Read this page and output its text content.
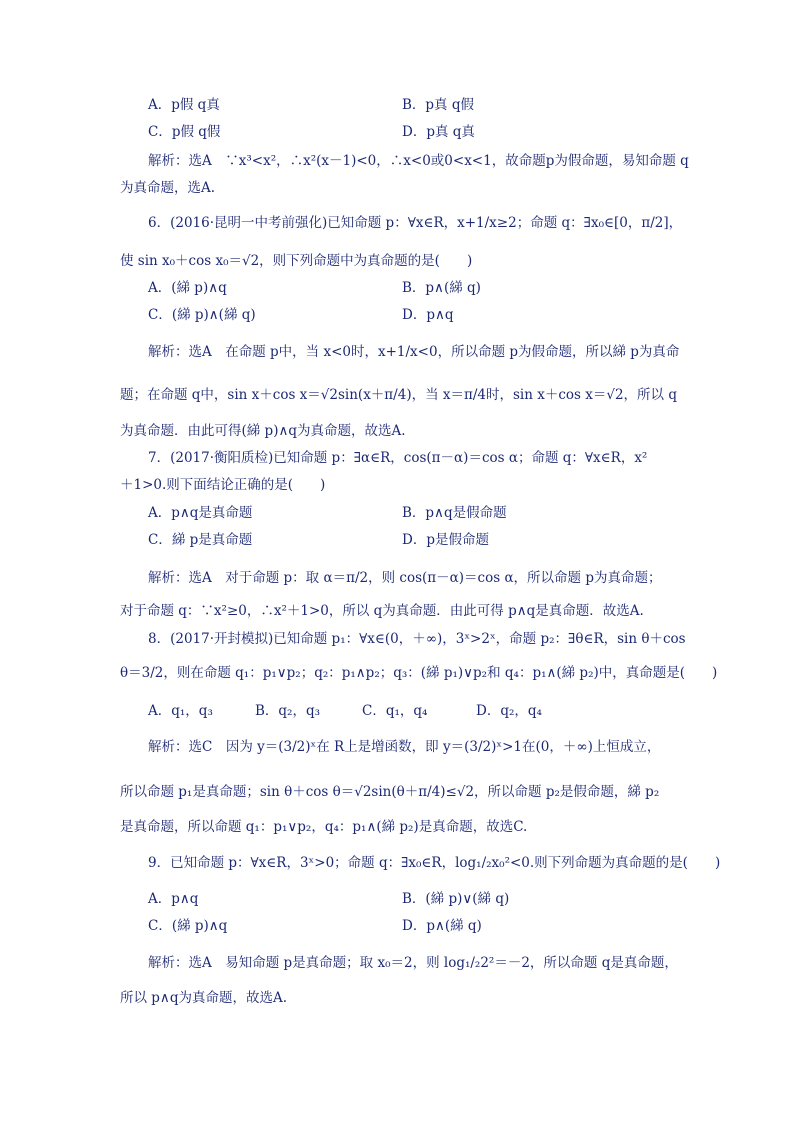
A．p假 q真	B．p真 q假
C．p假 q假	D．p真 q真
解析：选A　∵x³<x²，∴x²(x－1)<0，∴x<0或0<x<1，故命题p为假命题，易知命题 q
为真命题，选A.
6．(2016·昆明一中考前强化)已知命题 p：∀x∈R，x+1/x≥2；命题 q：∃x₀∈[0，π/2]，
使 sin x₀＋cos x₀＝√2，则下列命题中为真命题的是(　　)
A．(綈 p)∧q	B．p∧(綈 q)
C．(綈 p)∧(綈 q)	D．p∧q
解析：选A　在命题 p中，当 x<0时，x+1/x<0，所以命题 p为假命题，所以綈 p为真命
题；在命题 q中，sin x＋cos x＝√2sin(x＋π/4)，当 x＝π/4时，sin x＋cos x＝√2，所以 q
为真命题．由此可得(綈 p)∧q为真命题，故选A.
7．(2017·衡阳质检)已知命题 p：∃α∈R，cos(π－α)＝cos α；命题 q：∀x∈R，x²
＋1>0.则下面结论正确的是(　　)
A．p∧q是真命题	B．p∧q是假命题
C．綈 p是真命题	D．p是假命题
解析：选A　对于命题 p：取 α＝π/2，则 cos(π－α)＝cos α，所以命题 p为真命题；
对于命题 q：∵x²≥0，∴x²＋1>0，所以 q为真命题．由此可得 p∧q是真命题．故选A.
8．(2017·开封模拟)已知命题 p₁：∀x∈(0，＋∞)，3ˣ>2ˣ，命题 p₂：∃θ∈R，sin θ＋cos
θ＝3/2，则在命题 q₁：p₁∨p₂；q₂：p₁∧p₂；q₃：(綈 p₁)∨p₂和 q₄：p₁∧(綈 p₂)中，真命题是(　　)
A．q₁，q₃	B．q₂，q₃	C．q₁，q₄	D．q₂，q₄
解析：选C　因为 y＝(3/2)ˣ在 R上是增函数，即 y＝(3/2)ˣ>1在(0，＋∞)上恒成立，
所以命题 p₁是真命题；sin θ＋cos θ＝√2sin(θ＋π/4)≤√2，所以命题 p₂是假命题，綈 p₂
是真命题，所以命题 q₁：p₁∨p₂，q₄：p₁∧(綈 p₂)是真命题，故选C.
9．已知命题 p：∀x∈R，3ˣ>0；命题 q：∃x₀∈R，log₁/₂x₀²<0.则下列命题为真命题的是(　　)
A．p∧q	B．(綈 p)∨(綈 q)
C．(綈 p)∧q	D．p∧(綈 q)
解析：选A　易知命题 p是真命题；取 x₀＝2，则 log₁/₂2²＝－2，所以命题 q是真命题，
所以 p∧q为真命题，故选A.
